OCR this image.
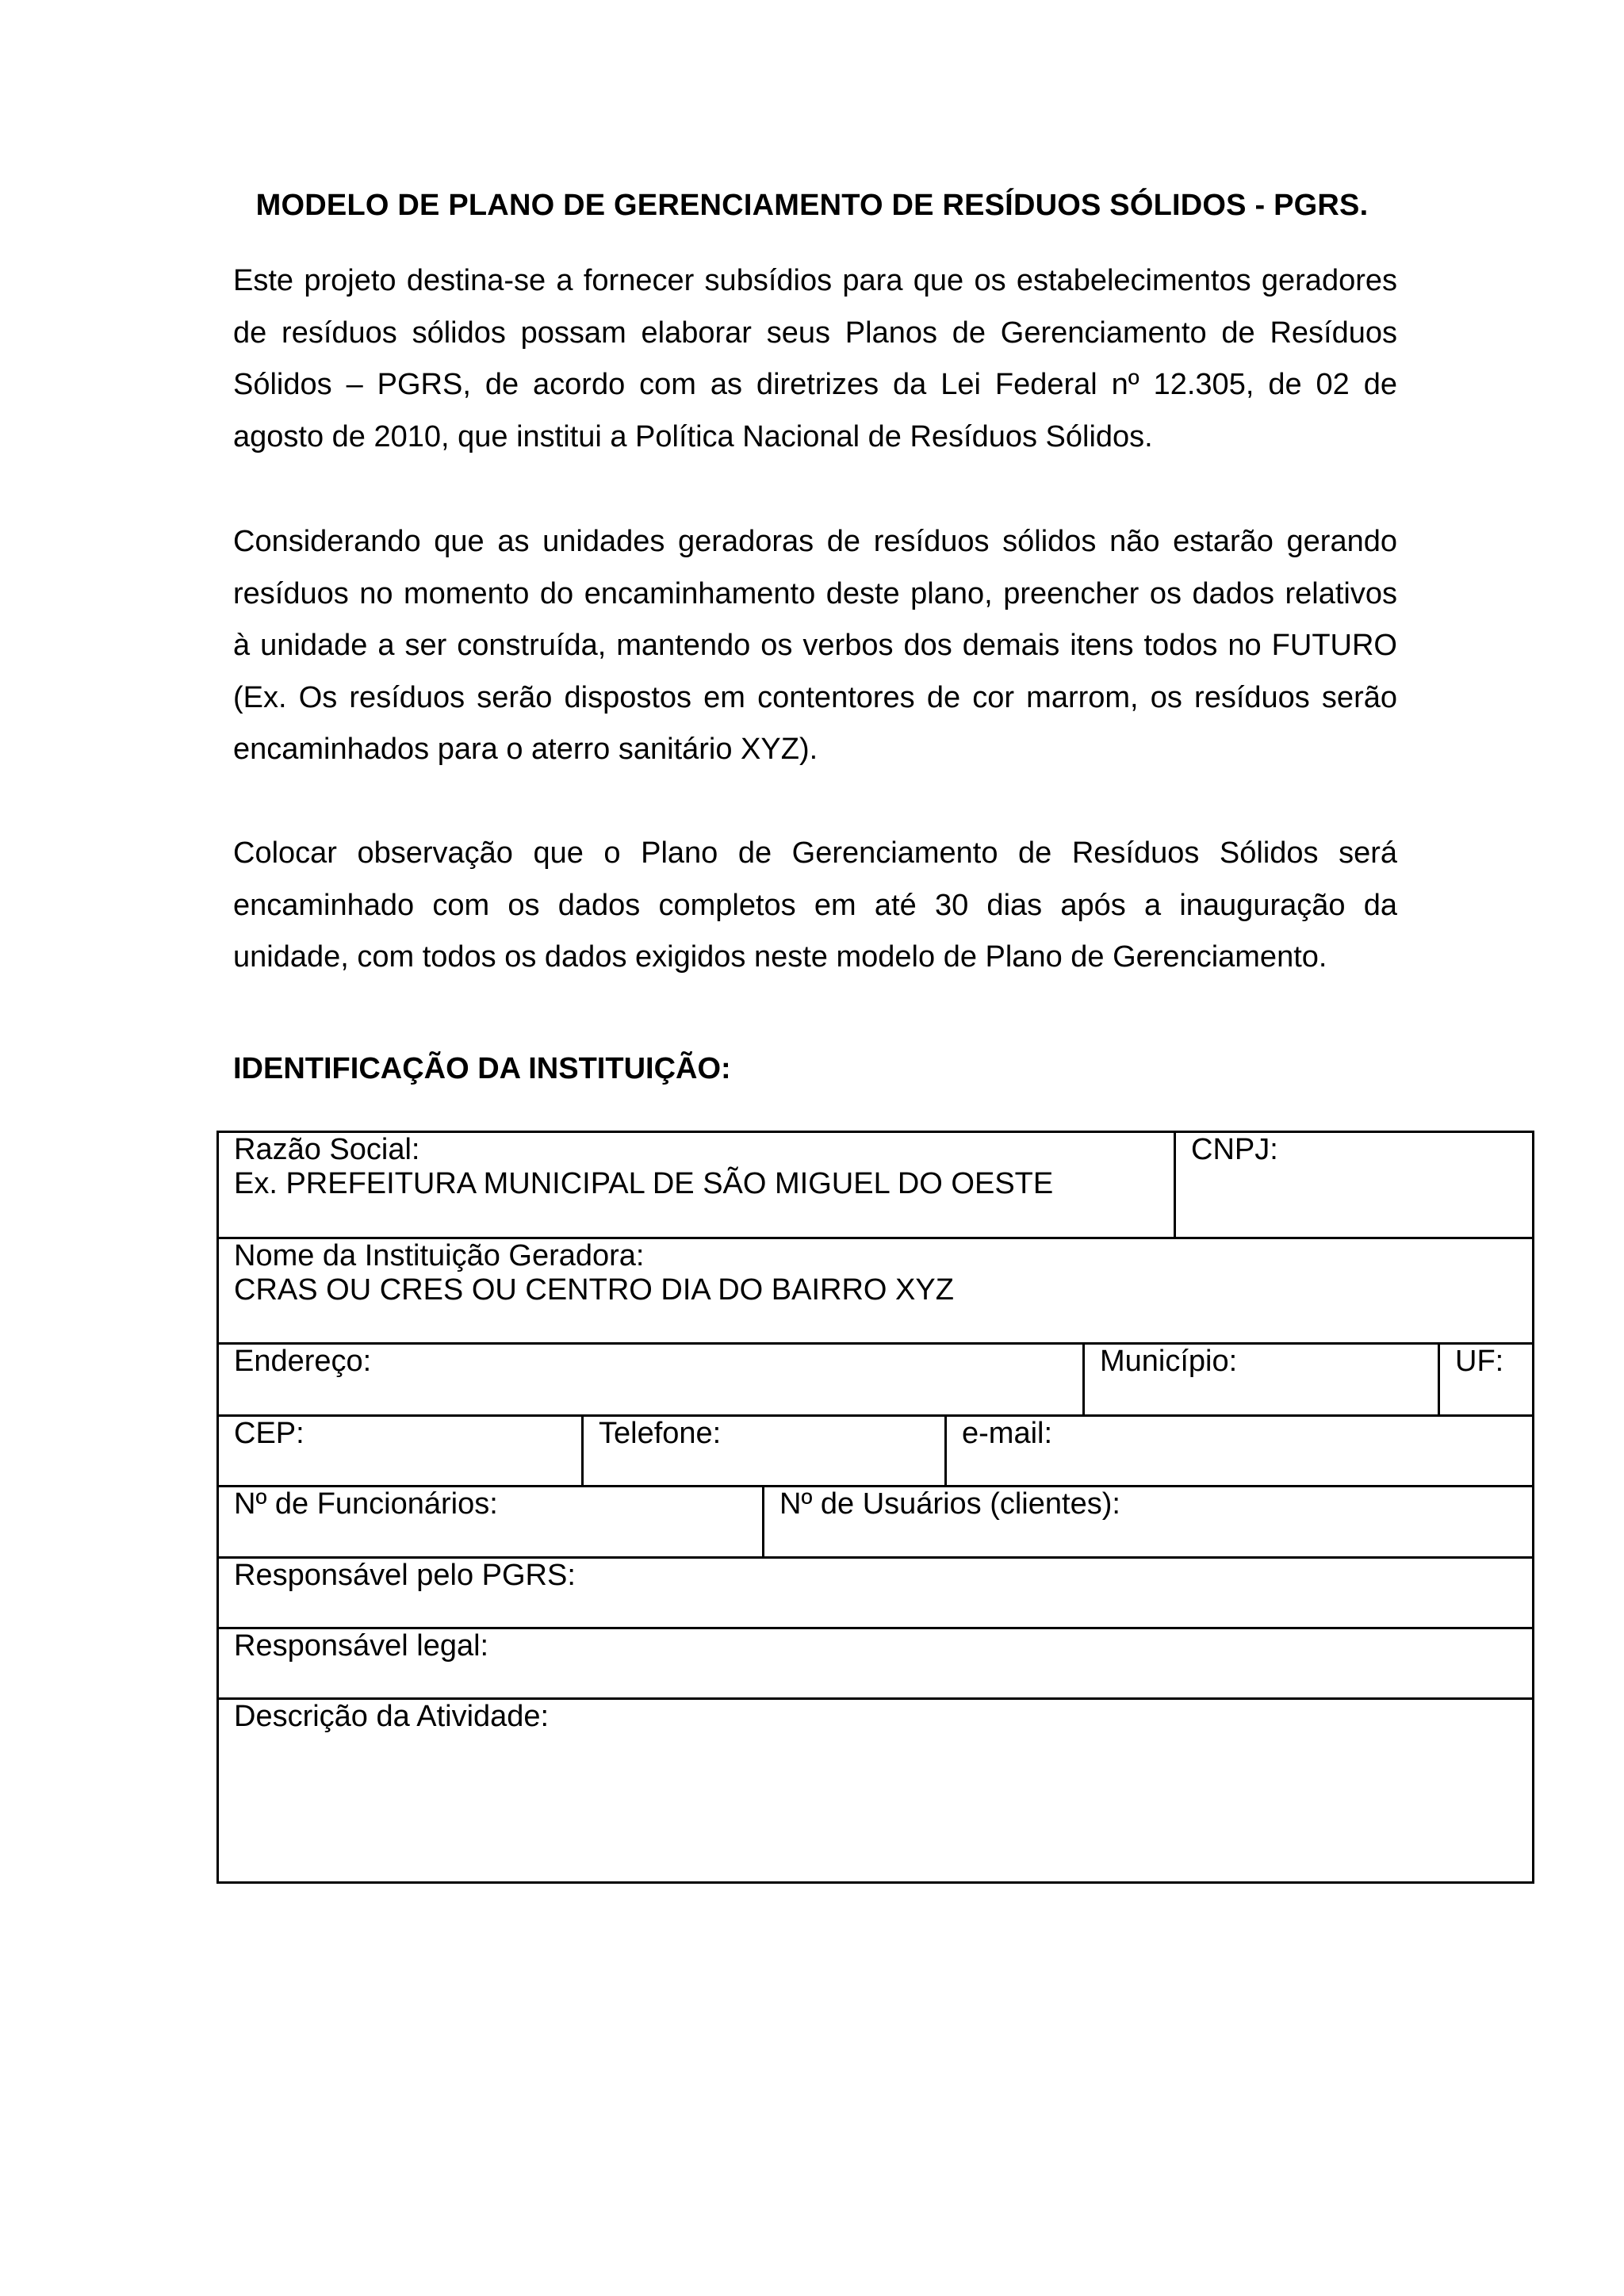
MODELO DE PLANO DE GERENCIAMENTO DE RESÍDUOS SÓLIDOS - PGRS.

Este projeto destina-se a fornecer subsídios para que os estabelecimentos geradores de resíduos sólidos possam elaborar seus Planos de Gerenciamento de Resíduos Sólidos – PGRS, de acordo com as diretrizes da Lei Federal nº 12.305, de 02 de agosto de 2010, que institui a Política Nacional de Resíduos Sólidos.

Considerando que as unidades geradoras de resíduos sólidos não estarão gerando resíduos no momento do encaminhamento deste plano, preencher os dados relativos à unidade a ser construída, mantendo os verbos dos demais itens todos no FUTURO (Ex. Os resíduos serão dispostos em contentores de cor marrom, os resíduos serão encaminhados para o aterro sanitário XYZ).

Colocar observação que o Plano de Gerenciamento de Resíduos Sólidos será encaminhado com os dados completos em até 30 dias após a inauguração da unidade, com todos os dados exigidos neste modelo de Plano de Gerenciamento.

IDENTIFICAÇÃO DA INSTITUIÇÃO:
Razão Social:
Ex. PREFEITURA MUNICIPAL DE SÃO MIGUEL DO OESTE
CNPJ:
Nome da Instituição Geradora:
CRAS OU CRES OU CENTRO DIA DO BAIRRO XYZ
Endereço:	Município:	UF:
CEP:	Telefone:	e-mail:
Nº de Funcionários:	Nº de Usuários (clientes):
Responsável pelo PGRS:
Responsável legal:
Descrição da Atividade:
